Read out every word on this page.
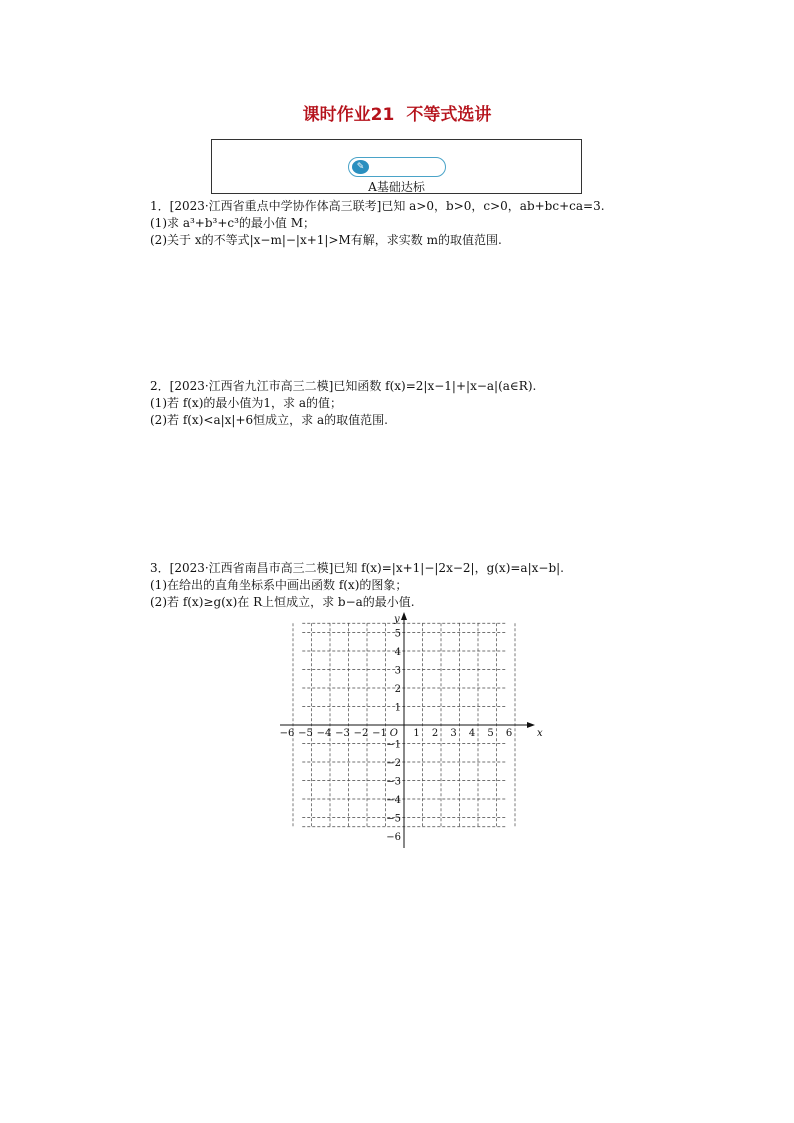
课时作业21 不等式选讲
✎
A基础达标
1．[2023·江西省重点中学协作体高三联考]已知 a>0，b>0，c>0，ab+bc+ca=3.
(1)求 a³+b³+c³的最小值 M；
(2)关于 x的不等式|x−m|−|x+1|>M有解，求实数 m的取值范围.
2．[2023·江西省九江市高三二模]已知函数 f(x)=2|x−1|+|x−a|(a∈R).
(1)若 f(x)的最小值为1，求 a的值；
(2)若 f(x)<a|x|+6恒成立，求 a的取值范围.
3．[2023·江西省南昌市高三二模]已知 f(x)=|x+1|−|2x−2|，g(x)=a|x−b|.
(1)在给出的直角坐标系中画出函数 f(x)的图象；
(2)若 f(x)≥g(x)在 R上恒成立，求 b−a的最小值.
−6 −5 −4 −3 −2 −1	1 2 3 4 5 6
5
4
3
2
1
−1
−2
−3
−4
−5
−6
O	x
y
